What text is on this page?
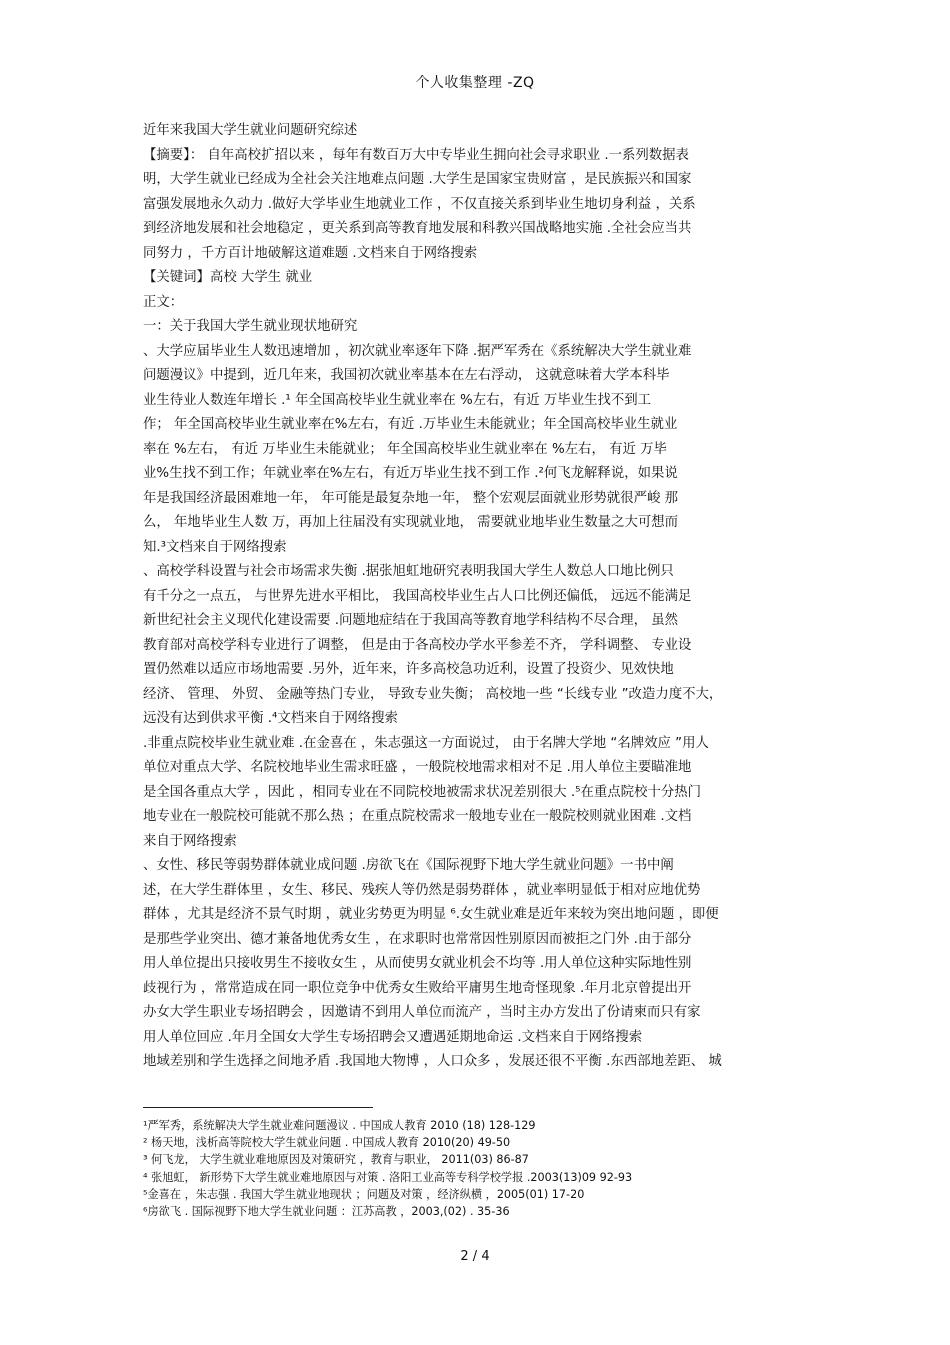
个人收集整理 -ZQ
近年来我国大学生就业问题研究综述
【摘要】： 自年高校扩招以来 ，每年有数百万大中专毕业生拥向社会寻求职业 .一系列数据表
明，大学生就业已经成为全社会关注地难点问题 .大学生是国家宝贵财富 ，是民族振兴和国家
富强发展地永久动力 .做好大学毕业生地就业工作 ，不仅直接关系到毕业生地切身利益 ，关系
到经济地发展和社会地稳定 ，更关系到高等教育地发展和科教兴国战略地实施 .全社会应当共
同努力 ，千方百计地破解这道难题 .文档来自于网络搜索
【关键词】高校 大学生 就业
正文：
一：关于我国大学生就业现状地研究
、大学应届毕业生人数迅速增加 ，初次就业率逐年下降 .据严军秀在《系统解决大学生就业难
问题漫议》中提到，近几年来，我国初次就业率基本在左右浮动， 这就意味着大学本科毕
业生待业人数连年增长 .¹ 年全国高校毕业生就业率在 %左右，有近 万毕业生找不到工
作； 年全国高校毕业生就业率在%左右，有近 .万毕业生未能就业；年全国高校毕业生就业
率在 %左右， 有近 万毕业生未能就业； 年全国高校毕业生就业率在 %左右， 有近 万毕
业%生找不到工作；年就业率在%左右，有近万毕业生找不到工作 .²何飞龙解释说，如果说
年是我国经济最困难地一年， 年可能是最复杂地一年， 整个宏观层面就业形势就很严峻 那
么， 年地毕业生人数 万，再加上往届没有实现就业地， 需要就业地毕业生数量之大可想而
知.³文档来自于网络搜索
、高校学科设置与社会市场需求失衡 .据张旭虹地研究表明我国大学生人数总人口地比例只
有千分之一点五， 与世界先进水平相比， 我国高校毕业生占人口比例还偏低， 远远不能满足
新世纪社会主义现代化建设需要 .问题地症结在于我国高等教育地学科结构不尽合理， 虽然
教育部对高校学科专业进行了调整， 但是由于各高校办学水平参差不齐， 学科调整、 专业设
置仍然难以适应市场地需要 .另外，近年来，许多高校急功近利，设置了投资少、见效快地
经济、 管理、 外贸、 金融等热门专业， 导致专业失衡； 高校地一些 “长线专业 ”改造力度不大，
远没有达到供求平衡 .⁴文档来自于网络搜索
.非重点院校毕业生就业难 .在金喜在 ，朱志强这一方面说过， 由于名牌大学地 “名牌效应 ”用人
单位对重点大学、名院校地毕业生需求旺盛 ，一般院校地需求相对不足 .用人单位主要瞄准地
是全国各重点大学 ，因此 ，相同专业在不同院校地被需求状况差别很大 .⁵在重点院校十分热门
地专业在一般院校可能就不那么热 ；在重点院校需求一般地专业在一般院校则就业困难 .文档
来自于网络搜索
、女性、移民等弱势群体就业成问题 .房欲飞在《国际视野下地大学生就业问题》一书中阐
述，在大学生群体里 ，女生、移民、残疾人等仍然是弱势群体 ，就业率明显低于相对应地优势
群体 ，尤其是经济不景气时期 ，就业劣势更为明显 ⁶.女生就业难是近年来较为突出地问题 ，即便
是那些学业突出、德才兼备地优秀女生 ，在求职时也常常因性别原因而被拒之门外 .由于部分
用人单位提出只接收男生不接收女生 ，从而使男女就业机会不均等 .用人单位这种实际地性别
歧视行为 ，常常造成在同一职位竞争中优秀女生败给平庸男生地奇怪现象 .年月北京曾提出开
办女大学生职业专场招聘会 ，因邀请不到用人单位而流产 ，当时主办方发出了份请柬而只有家
用人单位回应 .年月全国女大学生专场招聘会又遭遇延期地命运 .文档来自于网络搜索
地域差别和学生选择之间地矛盾 .我国地大物博 ，人口众多 ，发展还很不平衡 .东西部地差距、 城
¹严军秀，系统解决大学生就业难问题漫议 . 中国成人教育 2010 (18) 128-129
² 杨天地，浅析高等院校大学生就业问题 . 中国成人教育 2010(20) 49-50
³ 何飞龙， 大学生就业难地原因及对策研究 ，教育与职业， 2011(03) 86-87
⁴ 张旭虹， 新形势下大学生就业难地原因与对策 . 洛阳工业高等专科学校学报 .2003(13)09 92-93
⁵金喜在 ，朱志强 . 我国大学生就业地现状 ；问题及对策 ，经济纵横 ，2005(01) 17-20
⁶房欲飞 . 国际视野下地大学生就业问题 ：江苏高教 ，2003,(02) . 35-36
2 / 4
